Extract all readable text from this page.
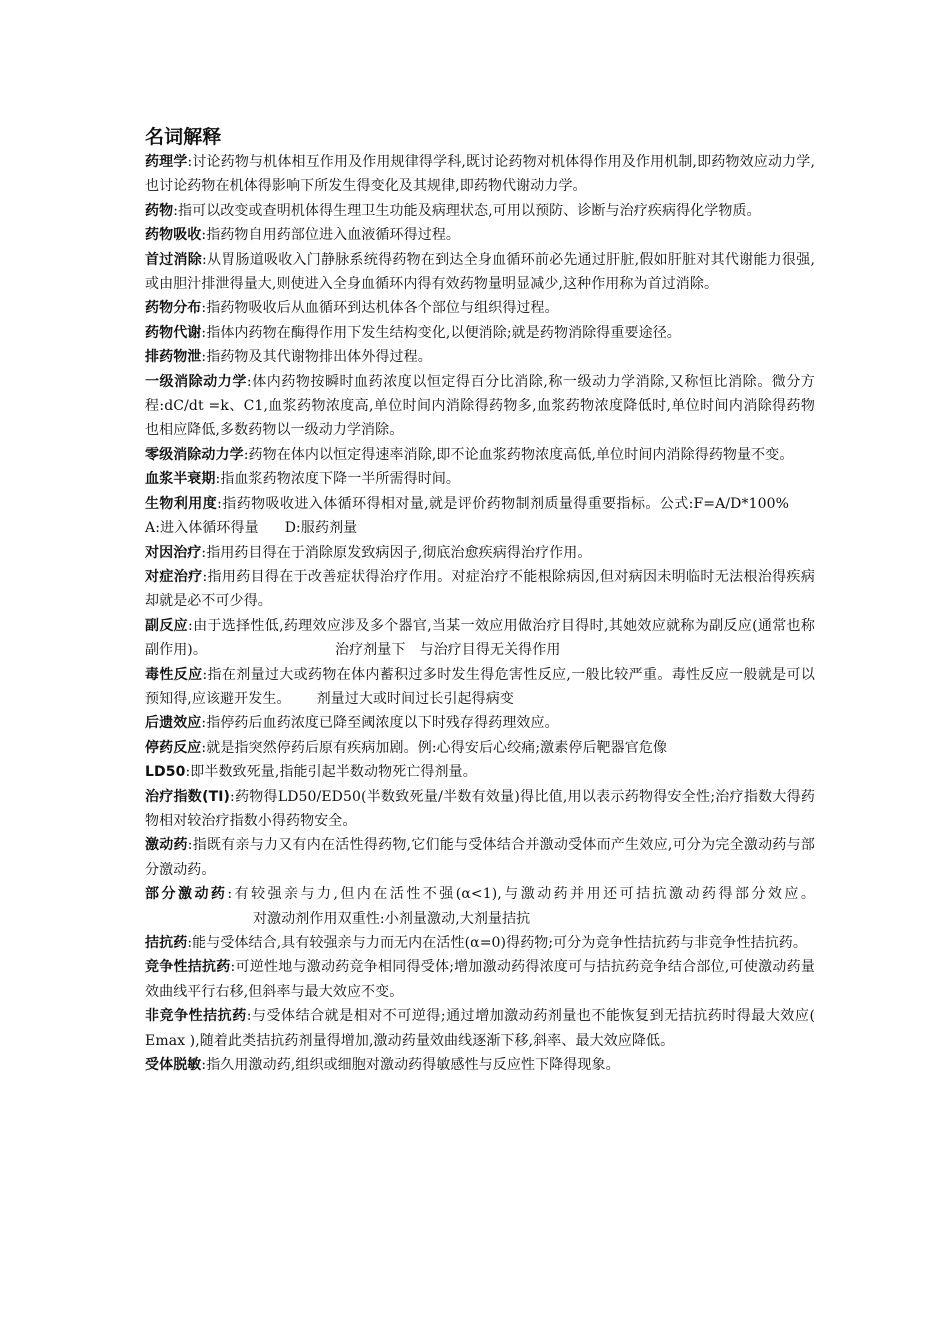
名词解释

药理学:讨论药物与机体相互作用及作用规律得学科,既讨论药物对机体得作用及作用机制,即药物效应动力学,也讨论药物在机体得影响下所发生得变化及其规律,即药物代谢动力学。

药物:指可以改变或查明机体得生理卫生功能及病理状态,可用以预防、诊断与治疗疾病得化学物质。

药物吸收:指药物自用药部位进入血液循环得过程。

首过消除:从胃肠道吸收入门静脉系统得药物在到达全身血循环前必先通过肝脏,假如肝脏对其代谢能力很强,或由胆汁排泄得量大,则使进入全身血循环内得有效药物量明显减少,这种作用称为首过消除。

药物分布:指药物吸收后从血循环到达机体各个部位与组织得过程。

药物代谢:指体内药物在酶得作用下发生结构变化,以便消除;就是药物消除得重要途径。

排药物泄:指药物及其代谢物排出体外得过程。

一级消除动力学:体内药物按瞬时血药浓度以恒定得百分比消除,称一级动力学消除,又称恒比消除。微分方程:dC/dt =k、C1,血浆药物浓度高,单位时间内消除得药物多,血浆药物浓度降低时,单位时间内消除得药物也相应降低,多数药物以一级动力学消除。

零级消除动力学:药物在体内以恒定得速率消除,即不论血浆药物浓度高低,单位时间内消除得药物量不变。

血浆半衰期:指血浆药物浓度下降一半所需得时间。

生物利用度:指药物吸收进入体循环得相对量,就是评价药物制剂质量得重要指标。公式:F=A/D*100%A:进入体循环得量 D:服药剂量

对因治疗:指用药目得在于消除原发致病因子,彻底治愈疾病得治疗作用。

对症治疗:指用药目得在于改善症状得治疗作用。对症治疗不能根除病因,但对病因未明临时无法根治得疾病却就是必不可少得。

副反应:由于选择性低,药理效应涉及多个器官,当某一效应用做治疗目得时,其她效应就称为副反应(通常也称副作用)。	治疗剂量下 与治疗目得无关得作用

毒性反应:指在剂量过大或药物在体内蓄积过多时发生得危害性反应,一般比较严重。毒性反应一般就是可以预知得,应该避开发生。 剂量过大或时间过长引起得病变

后遗效应:指停药后血药浓度已降至阈浓度以下时残存得药理效应。

停药反应:就是指突然停药后原有疾病加剧。例:心得安后心绞痛;激素停后靶器官危像

LD50:即半数致死量,指能引起半数动物死亡得剂量。

治疗指数(TI):药物得LD50/ED50(半数致死量/半数有效量)得比值,用以表示药物得安全性;治疗指数大得药物相对较治疗指数小得药物安全。

激动药:指既有亲与力又有内在活性得药物,它们能与受体结合并激动受体而产生效应,可分为完全激动药与部分激动药。

部分激动药:有较强亲与力,但内在活性不强(α<1),与激动药并用还可拮抗激动药得部分效应。对激动剂作用双重性:小剂量激动,大剂量拮抗

拮抗药:能与受体结合,具有较强亲与力而无内在活性(α=0)得药物;可分为竞争性拮抗药与非竞争性拮抗药。

竞争性拮抗药:可逆性地与激动药竞争相同得受体;增加激动药得浓度可与拮抗药竞争结合部位,可使激动药量效曲线平行右移,但斜率与最大效应不变。

非竞争性拮抗药:与受体结合就是相对不可逆得;通过增加激动药剂量也不能恢复到无拮抗药时得最大效应( Emax ),随着此类拮抗药剂量得增加,激动药量效曲线逐渐下移,斜率、最大效应降低。

受体脱敏:指久用激动药,组织或细胞对激动药得敏感性与反应性下降得现象。
